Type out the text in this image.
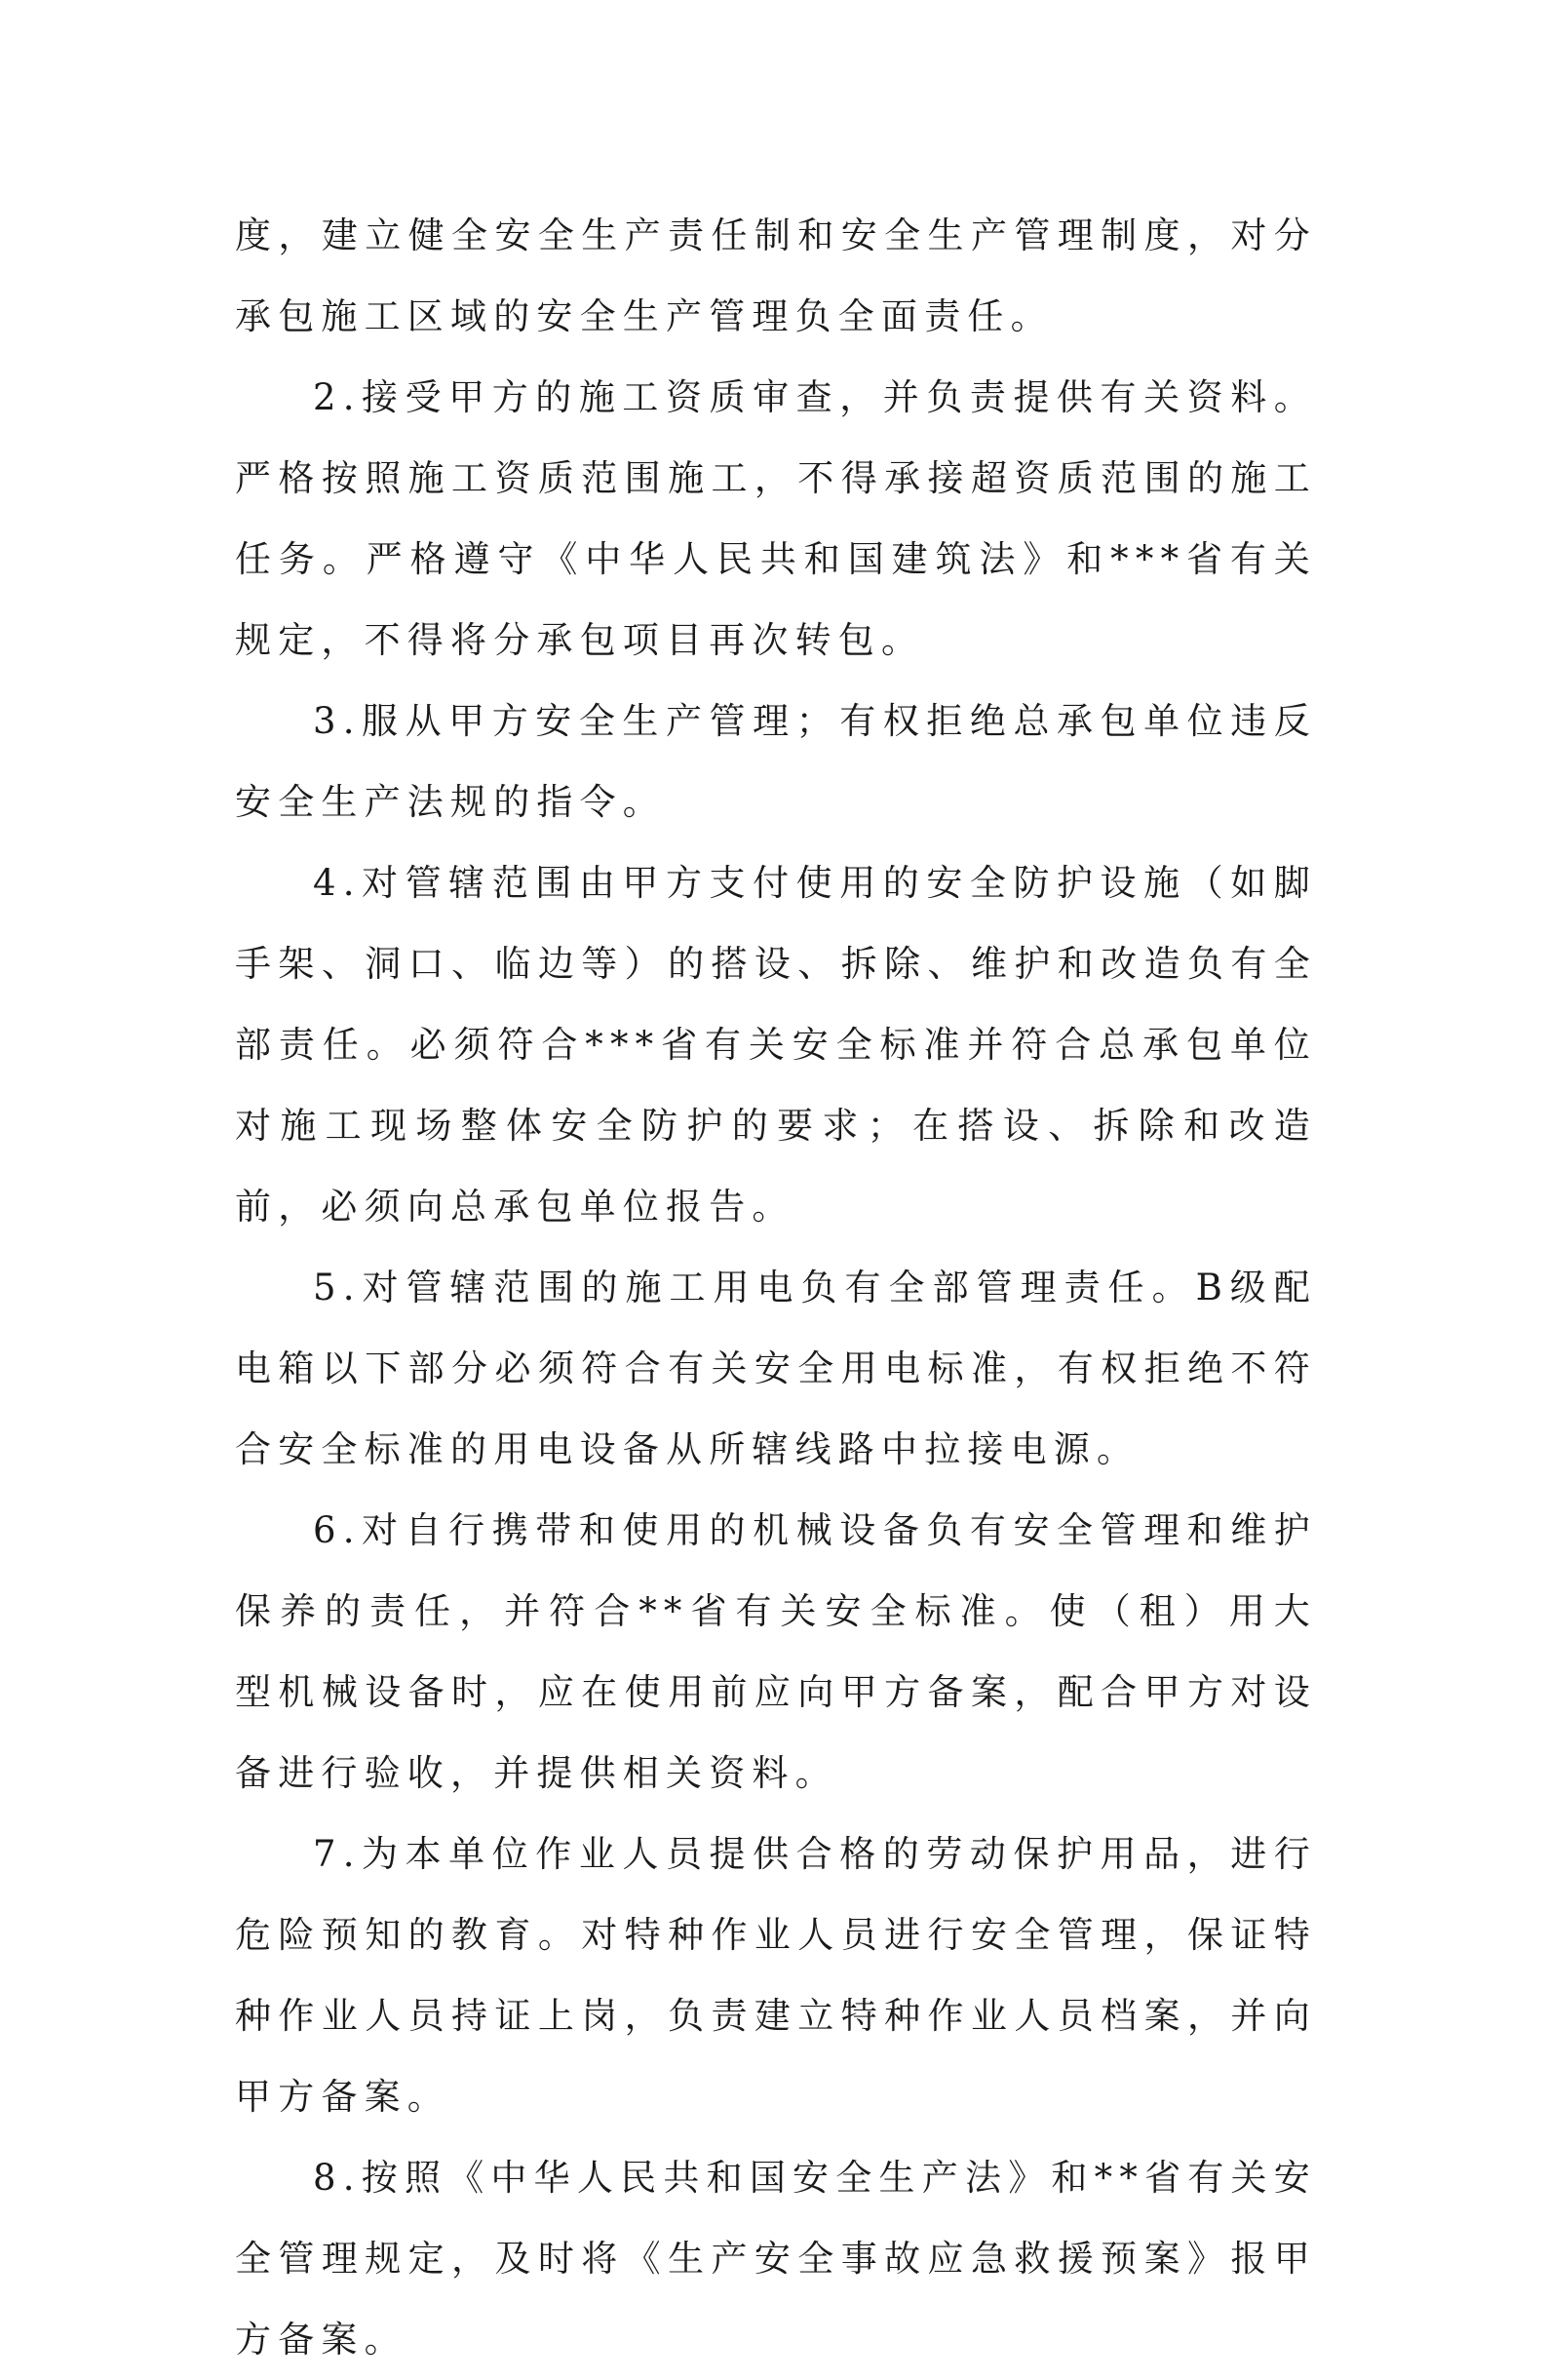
度，建立健全安全生产责任制和安全生产管理制度，对分承包施工区域的安全生产管理负全面责任。

2.接受甲方的施工资质审查，并负责提供有关资料。严格按照施工资质范围施工，不得承接超资质范围的施工任务。严格遵守《中华人民共和国建筑法》和***省有关规定，不得将分承包项目再次转包。

3.服从甲方安全生产管理；有权拒绝总承包单位违反安全生产法规的指令。

4.对管辖范围由甲方支付使用的安全防护设施（如脚手架、洞口、临边等）的搭设、拆除、维护和改造负有全部责任。必须符合***省有关安全标准并符合总承包单位对施工现场整体安全防护的要求；在搭设、拆除和改造前，必须向总承包单位报告。

5.对管辖范围的施工用电负有全部管理责任。B级配电箱以下部分必须符合有关安全用电标准，有权拒绝不符合安全标准的用电设备从所辖线路中拉接电源。

6.对自行携带和使用的机械设备负有安全管理和维护保养的责任，并符合**省有关安全标准。使（租）用大型机械设备时，应在使用前应向甲方备案，配合甲方对设备进行验收，并提供相关资料。

7.为本单位作业人员提供合格的劳动保护用品，进行危险预知的教育。对特种作业人员进行安全管理，保证特种作业人员持证上岗，负责建立特种作业人员档案，并向甲方备案。

8.按照《中华人民共和国安全生产法》和**省有关安全管理规定，及时将《生产安全事故应急救援预案》报甲方备案。
